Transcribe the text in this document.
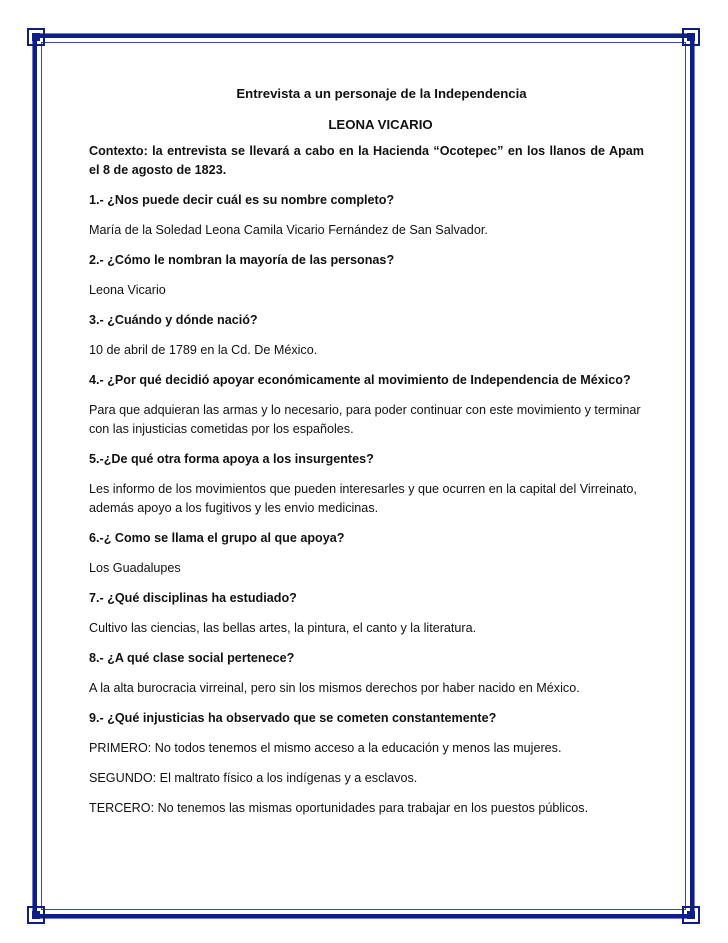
Entrevista a un personaje de la Independencia
LEONA VICARIO
Contexto: la entrevista se llevará a cabo en la Hacienda “Ocotepec” en los llanos de Apam el 8 de agosto de 1823.
1.- ¿Nos puede decir cuál es su nombre completo?
María de la Soledad Leona Camila Vicario Fernández de San Salvador.
2.- ¿Cómo le nombran la mayoría de las personas?
Leona Vicario
3.- ¿Cuándo y dónde nació?
10 de abril de 1789 en la Cd. De México.
4.- ¿Por qué decidió apoyar económicamente al movimiento de Independencia de México?
Para que adquieran las armas y lo necesario, para poder continuar con este movimiento y terminar con las injusticias cometidas por los españoles.
5.-¿De qué otra forma apoya a los insurgentes?
Les informo de los movimientos que pueden interesarles y que ocurren en la capital del Virreinato, además apoyo a los fugitivos y les envio medicinas.
6.-¿ Como se llama el grupo al que apoya?
Los Guadalupes
7.- ¿Qué disciplinas ha estudiado?
Cultivo las ciencias, las bellas artes, la pintura, el canto y la literatura.
8.- ¿A qué clase social pertenece?
A la alta burocracia virreinal, pero sin los mismos derechos por haber nacido en México.
9.- ¿Qué injusticias ha observado que se cometen constantemente?
PRIMERO: No todos tenemos el mismo acceso a la educación y menos las mujeres.
SEGUNDO: El maltrato físico a los indígenas y a esclavos.
TERCERO: No tenemos las mismas oportunidades para trabajar en los puestos públicos.
